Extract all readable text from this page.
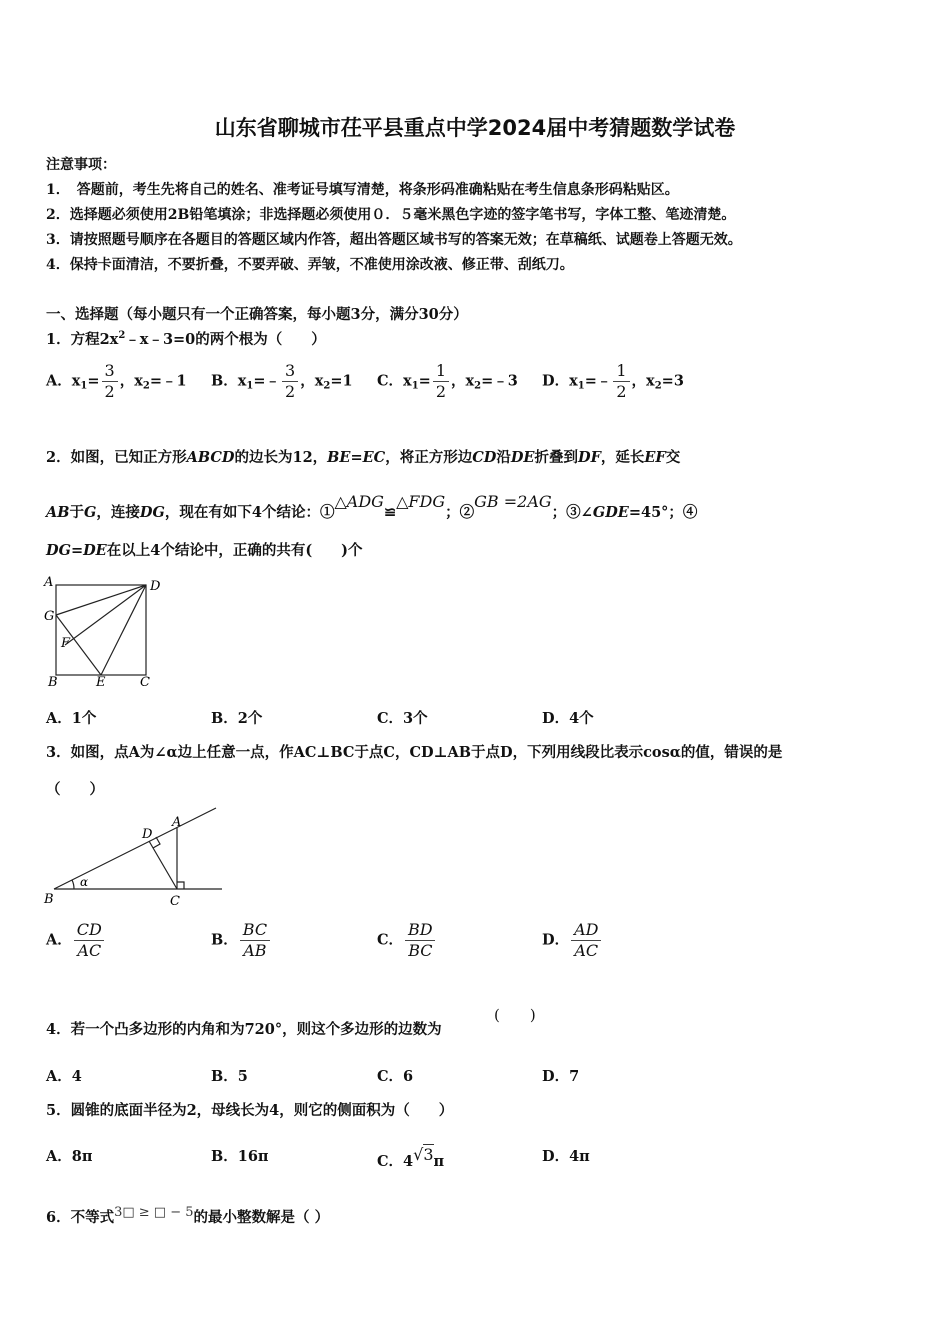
山东省聊城市茌平县重点中学2024届中考猜题数学试卷
注意事项：
1．　答题前，考生先将自己的姓名、准考证号填写清楚，将条形码准确粘贴在考生信息条形码粘贴区。
2．选择题必须使用2B铅笔填涂；非选择题必须使用０．５毫米黑色字迹的签字笔书写，字体工整、笔迹清楚。
3．请按照题号顺序在各题目的答题区域内作答，超出答题区域书写的答案无效；在草稿纸、试题卷上答题无效。
4．保持卡面清洁，不要折叠，不要弄破、弄皱，不准使用涂改液、修正带、刮纸刀。
一、选择题（每小题只有一个正确答案，每小题3分，满分30分）
1．方程$2x^2﹣x﹣3=0$的两个根为（　　）
A．$x_1= \frac{3}{2}$ ，$x_2=﹣1$ B．$x_1=﹣ \frac{3}{2}$ ，$x_2=1$ C．$x_1= \frac{1}{2}$ ，$x_2=﹣3$ D．$x_1=﹣ \frac{1}{2}$ ，$x_2=3$
2．如图，已知正方形ABCD的边长为12，BE=EC，将正方形边CD沿DE折叠到DF，延长EF交
AB于G，连接DG，现在有如下4个结论：①△ADG≌△FDG；②GB =2AG；③∠GDE=45°；④
DG=DE在以上4个结论中，正确的共有(　　)个
A	D
G
F
B	E	C
A．1个	B．2个	C．3个	D．4个
3．如图，点A为∠α边上任意一点，作AC⊥BC于点C，CD⊥AB于点D，下列用线段比表示cosα的值，错误的是
（　　）
A
D
B	C
α
A． $\frac{CD}{AC}$	B． $\frac{BC}{AB}$	C． $\frac{BD}{BC}$	D． $\frac{AD}{AC}$
4．若一个凸多边形的内角和为720°，则这个多边形的边数为
(　　)
A．4	B．5	C．6	D．7
5．圆锥的底面半径为2，母线长为4，则它的侧面积为（　　）
A．8π	B．16π	C．4√3π	D．4π
6．不等式3□ ≥ □ − 5的最小整数解是（ ）
